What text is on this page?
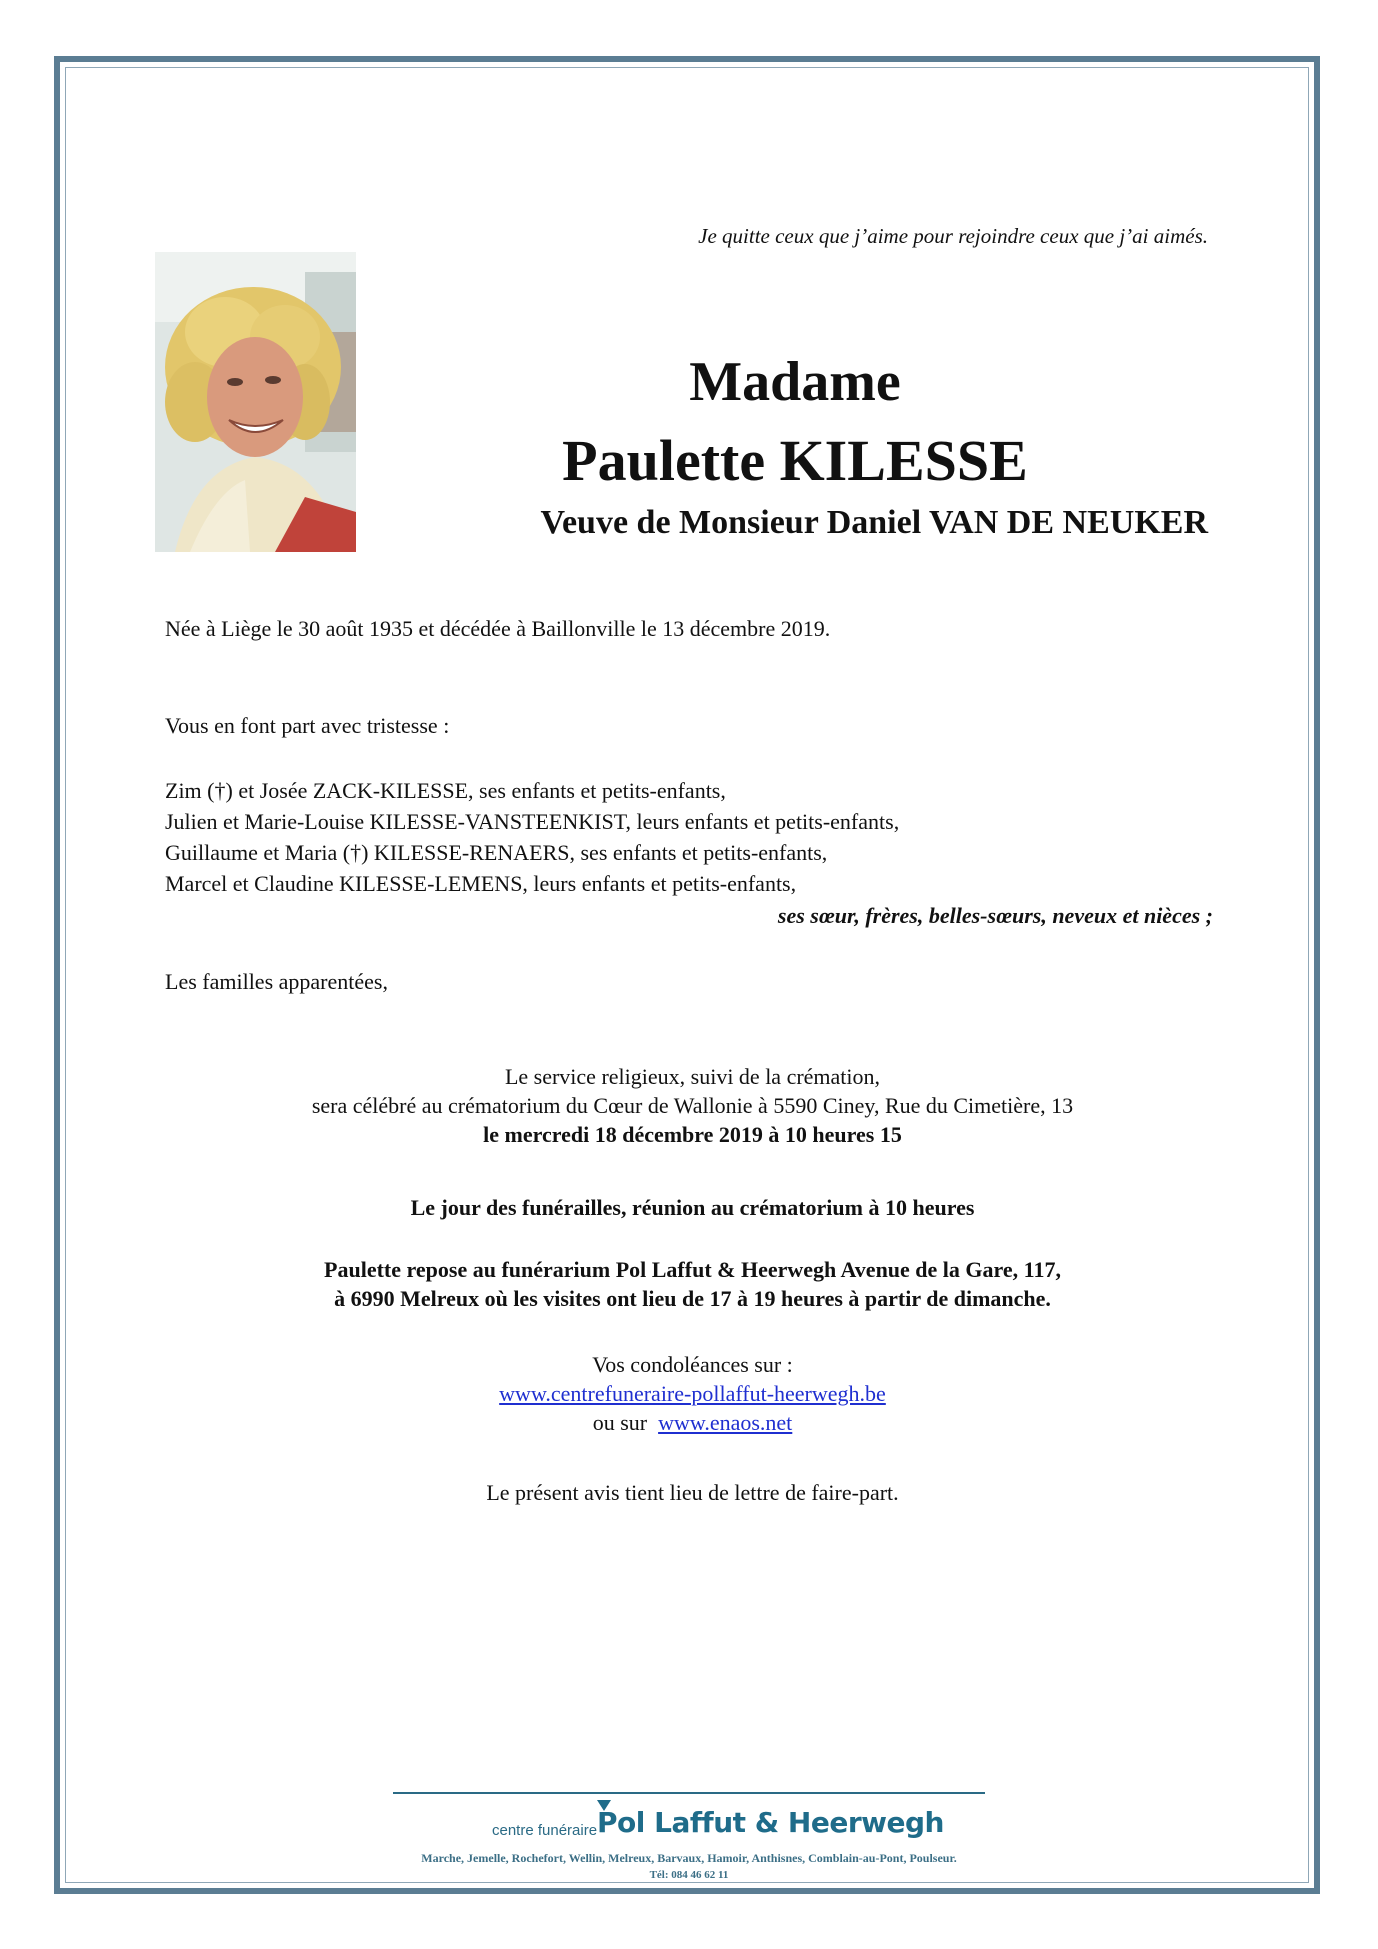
Je quitte ceux que j’aime pour rejoindre ceux que j’ai aimés.
Madame
Paulette KILESSE
Veuve de Monsieur Daniel VAN DE NEUKER
Née à Liège le 30 août 1935 et décédée à Baillonville le 13 décembre 2019.
Vous en font part avec tristesse :
Zim (†) et Josée ZACK-KILESSE, ses enfants et petits-enfants,
Julien et Marie-Louise KILESSE-VANSTEENKIST, leurs enfants et petits-enfants,
Guillaume et Maria (†) KILESSE-RENAERS, ses enfants et petits-enfants,
Marcel et Claudine KILESSE-LEMENS, leurs enfants et petits-enfants,
ses sœur, frères, belles-sœurs, neveux et nièces ;
Les familles apparentées,
Le service religieux, suivi de la crémation,
sera célébré au crématorium du Cœur de Wallonie à 5590 Ciney, Rue du Cimetière, 13
le mercredi 18 décembre 2019 à 10 heures 15
Le jour des funérailles, réunion au crématorium à 10 heures
Paulette repose au funérarium Pol Laffut & Heerwegh Avenue de la Gare, 117,
à 6990 Melreux où les visites ont lieu de 17 à 19 heures à partir de dimanche.
Vos condoléances sur :
www.centrefuneraire-pollaffut-heerwegh.be
ou sur www.enaos.net
Le présent avis tient lieu de lettre de faire-part.
centre funéraire Pol Laffut & Heerwegh
Marche, Jemelle, Rochefort, Wellin, Melreux, Barvaux, Hamoir, Anthisnes, Comblain-au-Pont, Poulseur.
Tél: 084 46 62 11
